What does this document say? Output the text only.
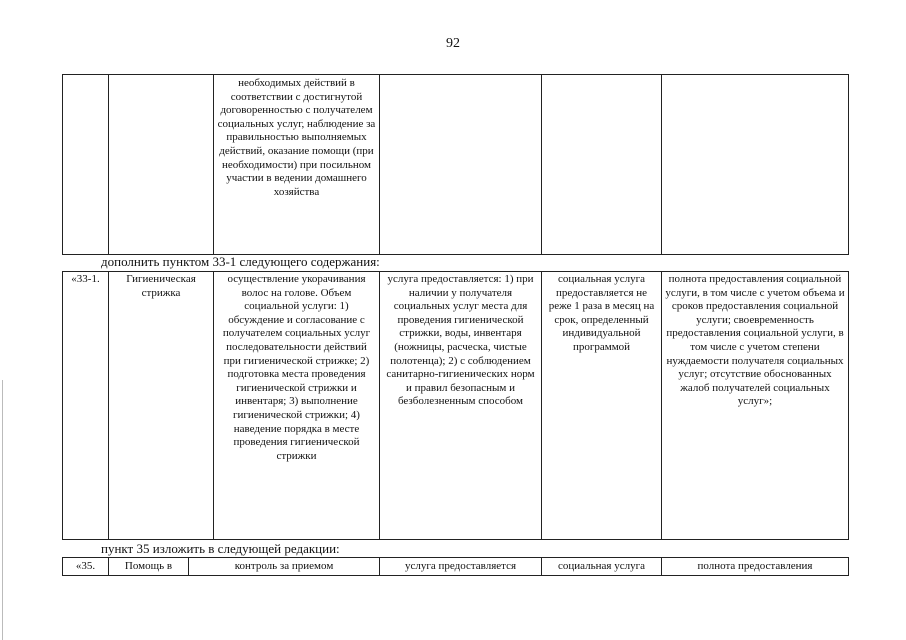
92
		необходимых действий в соответствии с достигнутой договоренностью с получателем социальных услуг, наблюдение за правильностью выполняемых действий, оказание помощи (при необходимости) при посильном участии в ведении домашнего хозяйства			
дополнить пунктом 33-1 следующего содержания:
«33-1.	Гигиеническая стрижка	осуществление укорачивания волос на голове. Объем социальной услуги: 1) обсуждение и согласование с получателем социальных услуг последовательности действий при гигиенической стрижке; 2) подготовка места проведения гигиенической стрижки и инвентаря; 3) выполнение гигиенической стрижки; 4) наведение порядка в месте проведения гигиенической стрижки	услуга предоставляется: 1) при наличии у получателя социальных услуг места для проведения гигиенической стрижки, воды, инвентаря (ножницы, расческа, чистые полотенца); 2) с соблюдением санитарно-гигиенических норм и правил безопасным и безболезненным способом	социальная услуга предоставляется не реже 1 раза в месяц на срок, определенный индивидуальной программой	полнота предоставления социальной услуги, в том числе с учетом объема и сроков предоставления социальной услуги; своевременность предоставления социальной услуги, в том числе с учетом степени нуждаемости получателя социальных услуг; отсутствие обоснованных жалоб получателей социальных услуг»;
пункт 35 изложить в следующей редакции:
«35.	Помощь в	контроль за приемом	услуга предоставляется	социальная услуга	полнота предоставления
